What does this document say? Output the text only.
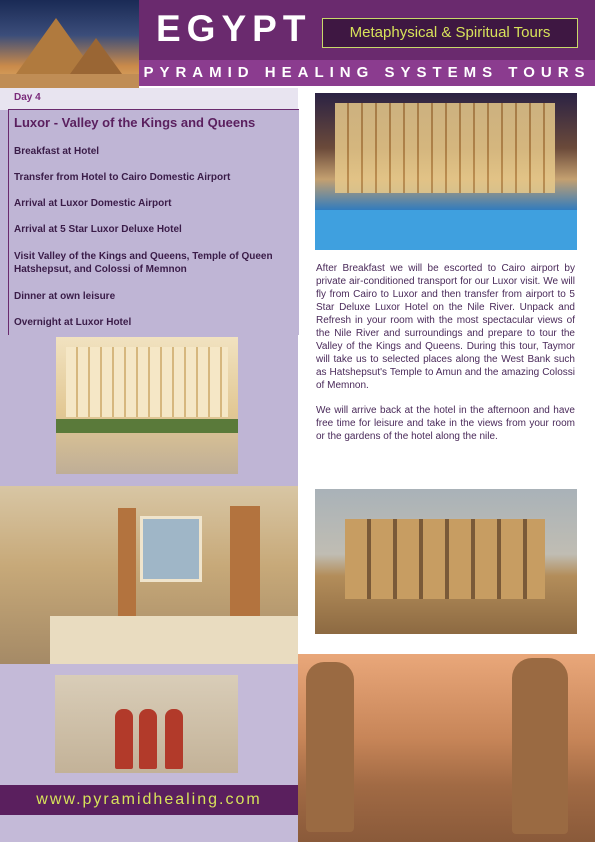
EGYPT	Metaphysical & Spiritual Tours
PYRAMID HEALING SYSTEMS TOURS
Day 4
Luxor - Valley of the Kings and Queens
Breakfast at Hotel
Transfer from Hotel to Cairo Domestic Airport
Arrival at Luxor Domestic Airport
Arrival at 5 Star Luxor Deluxe Hotel
Visit Valley of the Kings and Queens, Temple of Queen Hatshepsut, and Colossi of Memnon
Dinner at own leisure
Overnight at Luxor Hotel

After Breakfast we will be escorted to Cairo airport by private air-conditioned transport for our Luxor visit. We will fly from Cairo to Luxor and then transfer from airport to 5 Star Deluxe Luxor Hotel on the Nile River. Unpack and Refresh in your room with the most spectacular views of the Nile River and surroundings and prepare to tour the Valley of the Kings and Queens. During this tour, Taymor will take us to selected places along the West Bank such as Hatshepsut's Temple to Amun and the amazing Colossi of Memnon.

We will arrive back at the hotel in the afternoon and have free time for leisure and take in the views from your room or the gardens of the hotel along the nile.

www.pyramidhealing.com
